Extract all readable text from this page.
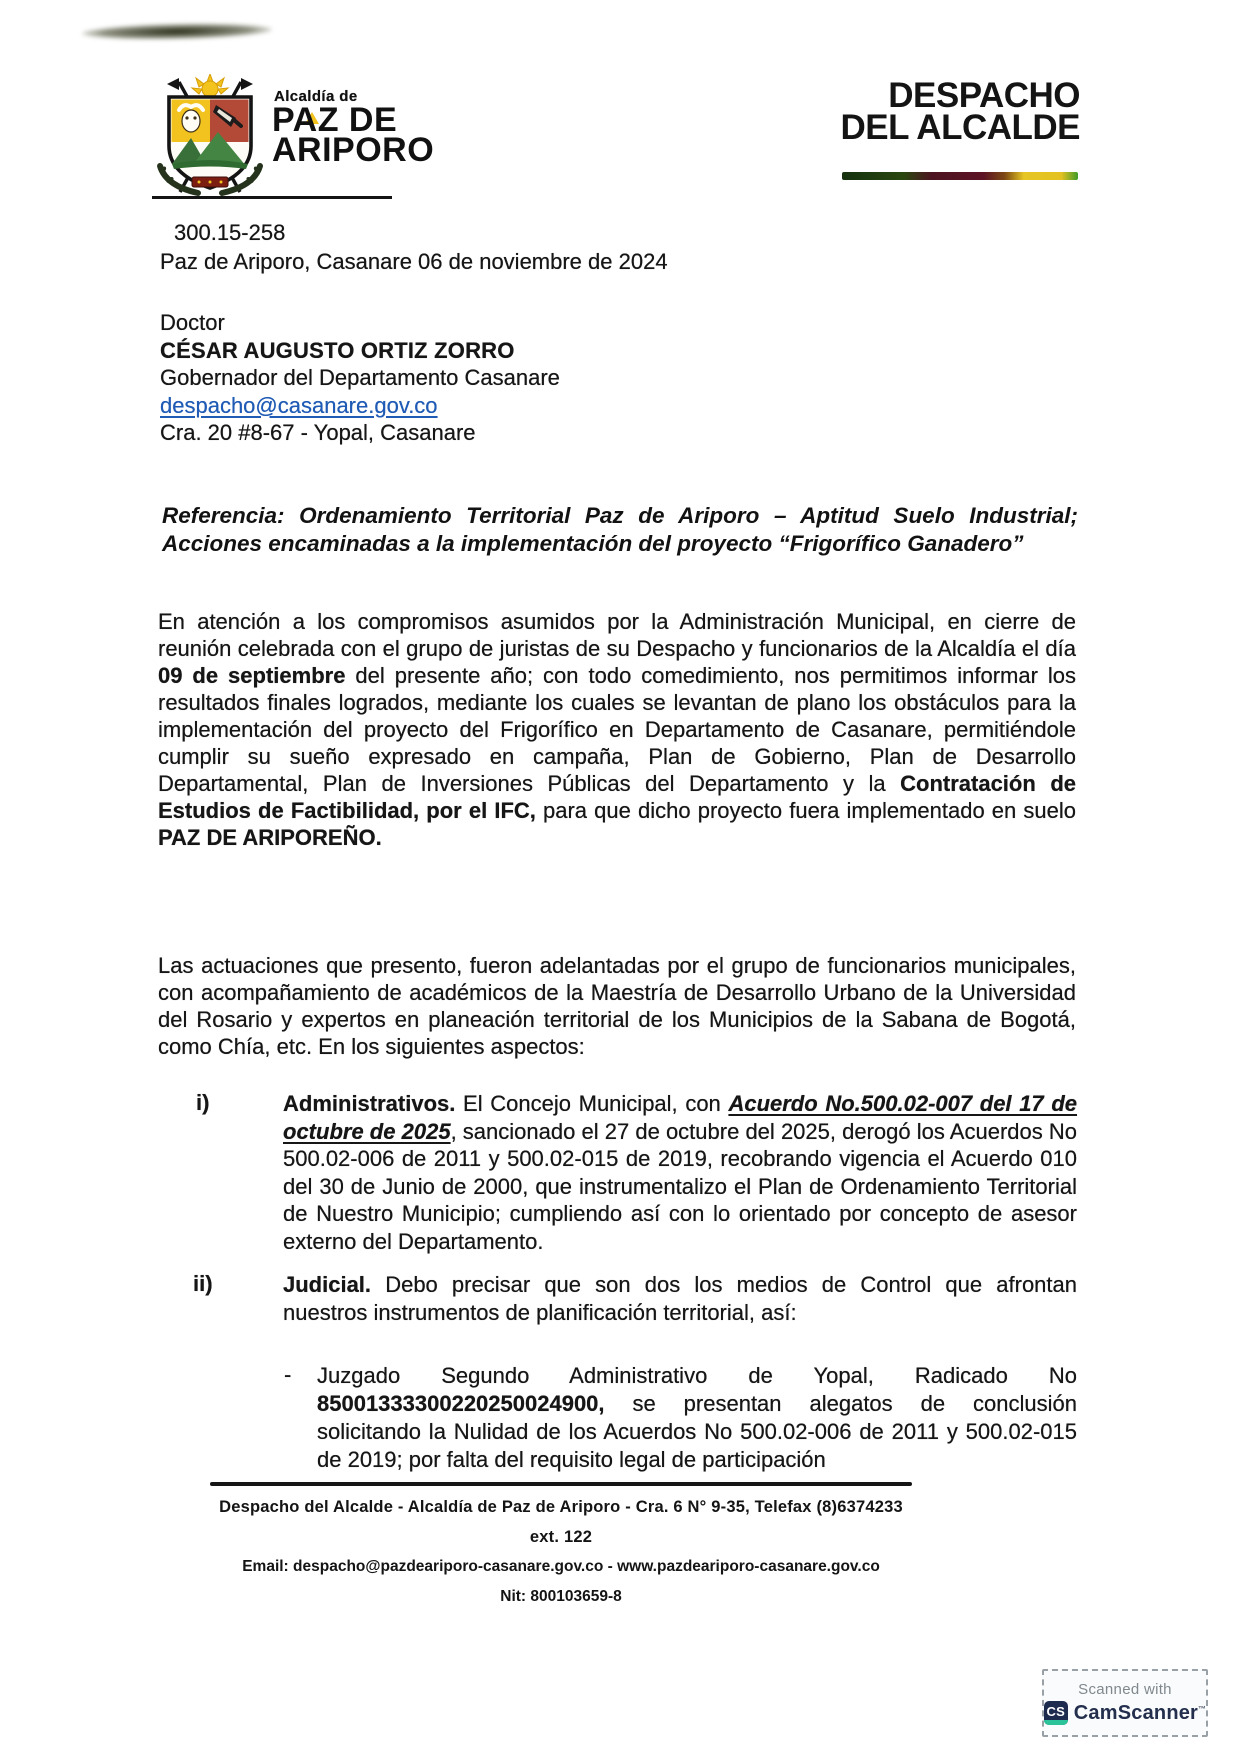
Alcaldía de
PAZ DE
ARIPORO
DESPACHO
DEL ALCALDE
300.15-258
Paz de Ariporo, Casanare 06 de noviembre de 2024
Doctor
CÉSAR AUGUSTO ORTIZ ZORRO
Gobernador del Departamento Casanare
despacho@casanare.gov.co
Cra. 20 #8-67 - Yopal, Casanare
Referencia: Ordenamiento Territorial Paz de Ariporo – Aptitud Suelo Industrial; Acciones encaminadas a la implementación del proyecto “Frigorífico Ganadero”
En atención a los compromisos asumidos por la Administración Municipal, en cierre de reunión celebrada con el grupo de juristas de su Despacho y funcionarios de la Alcaldía el día 09 de septiembre del presente año; con todo comedimiento, nos permitimos informar los resultados finales logrados, mediante los cuales se levantan de plano los obstáculos para la implementación del proyecto del Frigorífico en Departamento de Casanare, permitiéndole cumplir su sueño expresado en campaña, Plan de Gobierno, Plan de Desarrollo Departamental, Plan de Inversiones Públicas del Departamento y la Contratación de Estudios de Factibilidad, por el IFC, para que dicho proyecto fuera implementado en suelo PAZ DE ARIPOREÑO.
Las actuaciones que presento, fueron adelantadas por el grupo de funcionarios municipales, con acompañamiento de académicos de la Maestría de Desarrollo Urbano de la Universidad del Rosario y expertos en planeación territorial de los Municipios de la Sabana de Bogotá, como Chía, etc. En los siguientes aspectos:
i)	Administrativos. El Concejo Municipal, con Acuerdo No.500.02-007 del 17 de octubre de 2025, sancionado el 27 de octubre del 2025, derogó los Acuerdos No 500.02-006 de 2011 y 500.02-015 de 2019, recobrando vigencia el Acuerdo 010 del 30 de Junio de 2000, que instrumentalizo el Plan de Ordenamiento Territorial de Nuestro Municipio; cumpliendo así con lo orientado por concepto de asesor externo del Departamento.
ii)	Judicial. Debo precisar que son dos los medios de Control que afrontan nuestros instrumentos de planificación territorial, así:
- Juzgado Segundo Administrativo de Yopal, Radicado No 85001333300220250024900, se presentan alegatos de conclusión solicitando la Nulidad de los Acuerdos No 500.02-006 de 2011 y 500.02-015 de 2019; por falta del requisito legal de participación
Despacho del Alcalde - Alcaldía de Paz de Ariporo - Cra. 6 N° 9-35, Telefax (8)6374233 ext. 122
Email: despacho@pazdeariporo-casanare.gov.co - www.pazdeariporo-casanare.gov.co
Nit: 800103659-8
Scanned with
CS CamScanner™
